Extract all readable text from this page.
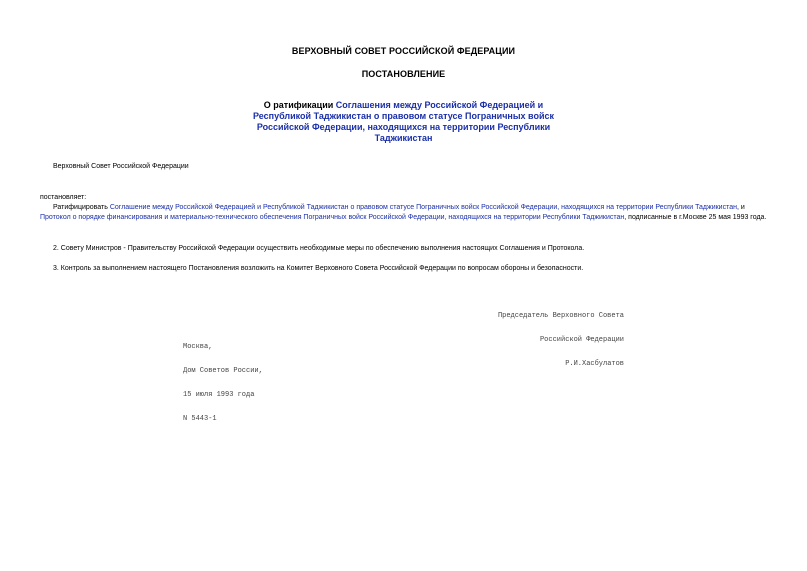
ВЕРХОВНЫЙ СОВЕТ РОССИЙСКОЙ ФЕДЕРАЦИИ
ПОСТАНОВЛЕНИЕ
О ратификации Соглашения между Российской Федерацией и Республикой Таджикистан о правовом статусе Пограничных войск Российской Федерации, находящихся на территории Республики Таджикистан
Верховный Совет Российской Федерации
постановляет:
Ратифицировать Соглашение между Российской Федерацией и Республикой Таджикистан о правовом статусе Пограничных войск Российской Федерации, находящихся на территории Республики Таджикистан, и Протокол о порядке финансирования и материально-технического обеспечения Пограничных войск Российской Федерации, находящихся на территории Республики Таджикистан, подписанные в г.Москве 25 мая 1993 года.
2. Совету Министров - Правительству Российской Федерации осуществить необходимые меры по обеспечению выполнения настоящих Соглашения и Протокола.
3. Контроль за выполнением настоящего Постановления возложить на Комитет Верховного Совета Российской Федерации по вопросам обороны и безопасности.

Председатель Верховного Совета

Российской Федерации

Р.И.Хасбулатов

Москва,

Дом Советов России,

15 июля 1993 года

N 5443-1
